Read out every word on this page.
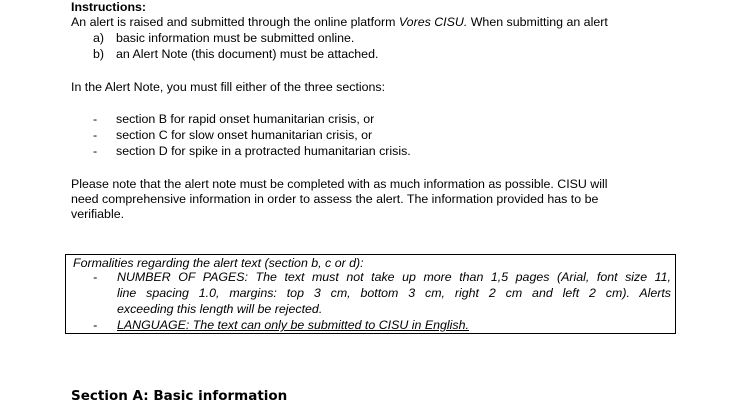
Instructions:
An alert is raised and submitted through the online platform Vores CISU. When submitting an alert
a) basic information must be submitted online.
b) an Alert Note (this document) must be attached.
In the Alert Note, you must fill either of the three sections:
- section B for rapid onset humanitarian crisis, or
- section C for slow onset humanitarian crisis, or
- section D for spike in a protracted humanitarian crisis.
Please note that the alert note must be completed with as much information as possible. CISU will
need comprehensive information in order to assess the alert. The information provided has to be
verifiable.
Formalities regarding the alert text (section b, c or d):
- NUMBER OF PAGES: The text must not take up more than 1,5 pages (Arial, font size 11,
line spacing 1.0, margins: top 3 cm, bottom 3 cm, right 2 cm and left 2 cm). Alerts
exceeding this length will be rejected.
- LANGUAGE: The text can only be submitted to CISU in English.
Section A: Basic information
